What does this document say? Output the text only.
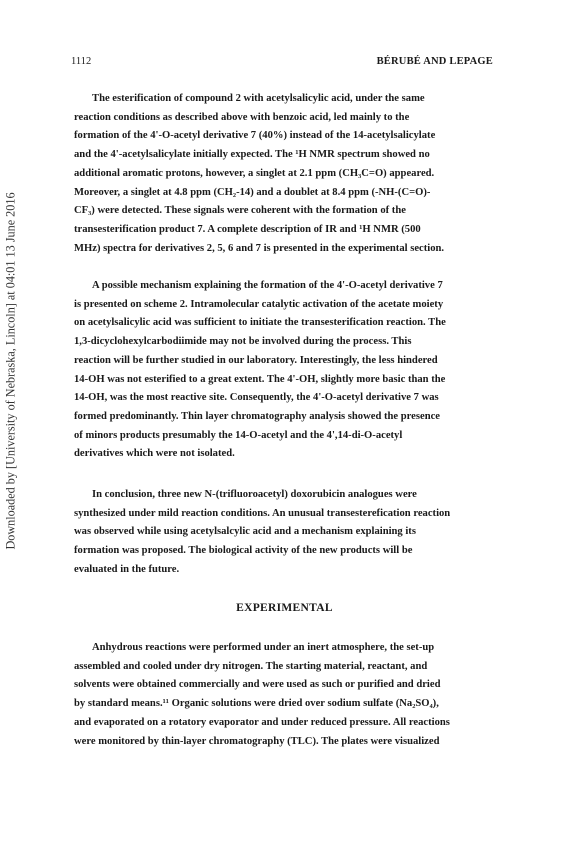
Downloaded by [University of Nebraska, Lincoln] at 04:01 13 June 2016
1112	BÉRUBÉ AND LEPAGE
The esterification of compound 2 with acetylsalicylic acid, under the same
reaction conditions as described above with benzoic acid, led mainly to the
formation of the 4'-O-acetyl derivative 7 (40%) instead of the 14-acetylsalicylate
and the 4'-acetylsalicylate initially expected. The ¹H NMR spectrum showed no
additional aromatic protons, however, a singlet at 2.1 ppm (CH₃C=O) appeared.
Moreover, a singlet at 4.8 ppm (CH₂-14) and a doublet at 8.4 ppm (-NH-(C=O)-
CF₃) were detected. These signals were coherent with the formation of the
transesterification product 7. A complete description of IR and ¹H NMR (500
MHz) spectra for derivatives 2, 5, 6 and 7 is presented in the experimental section.
A possible mechanism explaining the formation of the 4'-O-acetyl derivative 7
is presented on scheme 2. Intramolecular catalytic activation of the acetate moiety
on acetylsalicylic acid was sufficient to initiate the transesterification reaction. The
1,3-dicyclohexylcarbodiimide may not be involved during the process. This
reaction will be further studied in our laboratory. Interestingly, the less hindered
14-OH was not esterified to a great extent. The 4'-OH, slightly more basic than the
14-OH, was the most reactive site. Consequently, the 4'-O-acetyl derivative 7 was
formed predominantly. Thin layer chromatography analysis showed the presence
of minors products presumably the 14-O-acetyl and the 4',14-di-O-acetyl
derivatives which were not isolated.
In conclusion, three new N-(trifluoroacetyl) doxorubicin analogues were
synthesized under mild reaction conditions. An unusual transesterefication reaction
was observed while using acetylsalcylic acid and a mechanism explaining its
formation was proposed. The biological activity of the new products will be
evaluated in the future.
EXPERIMENTAL
Anhydrous reactions were performed under an inert atmosphere, the set-up
assembled and cooled under dry nitrogen. The starting material, reactant, and
solvents were obtained commercially and were used as such or purified and dried
by standard means.¹¹ Organic solutions were dried over sodium sulfate (Na₂SO₄),
and evaporated on a rotatory evaporator and under reduced pressure. All reactions
were monitored by thin-layer chromatography (TLC). The plates were visualized
